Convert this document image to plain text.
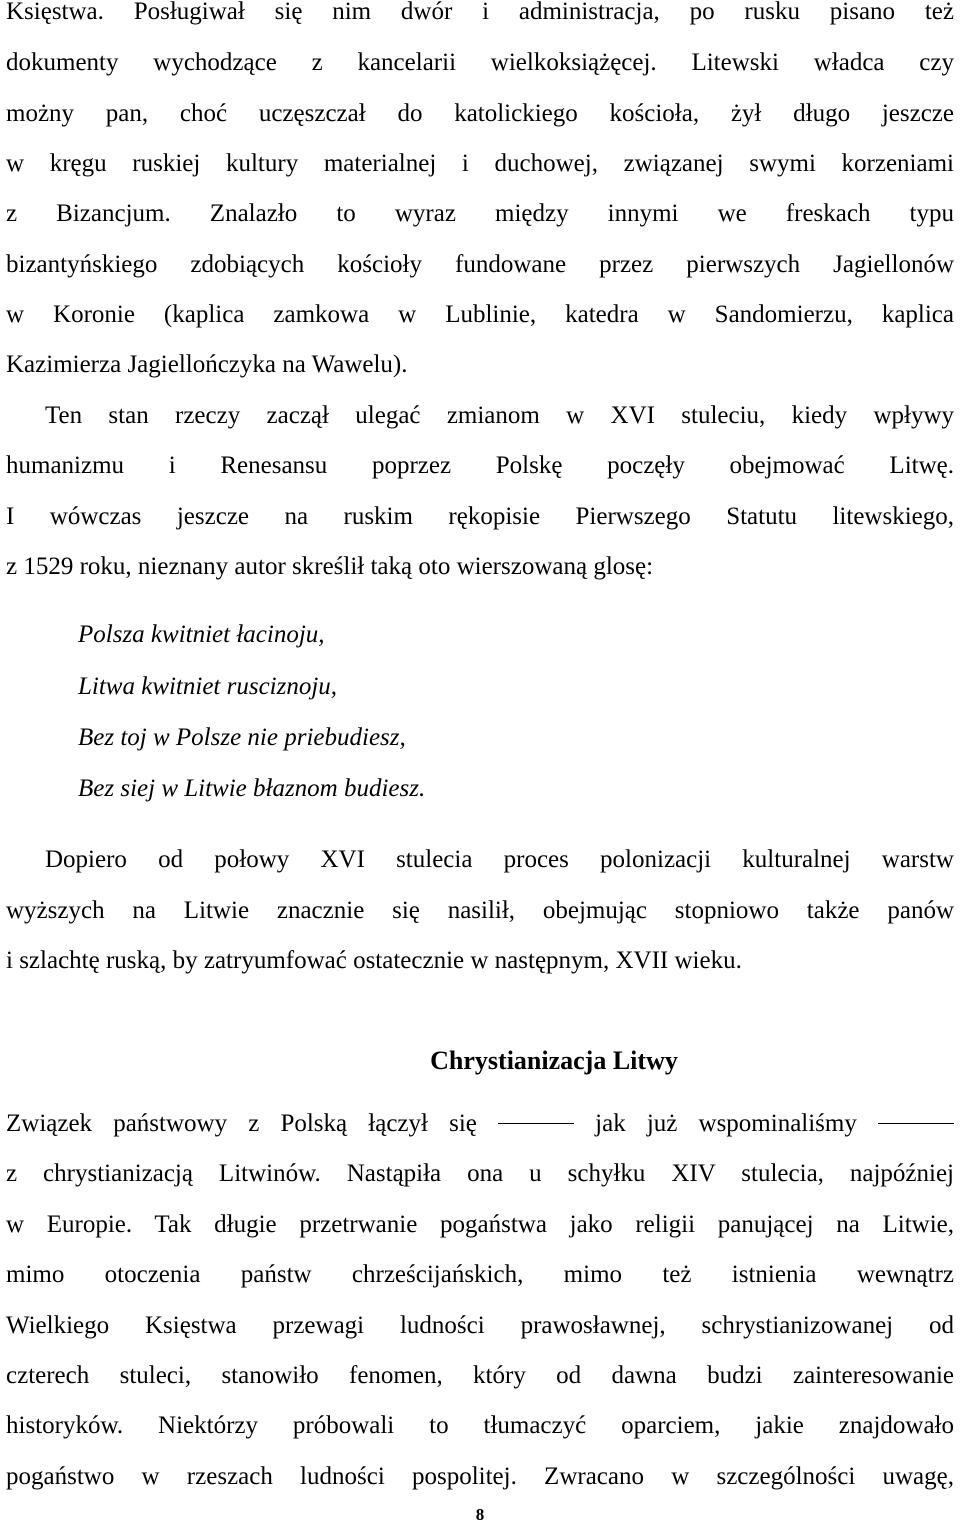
Księstwa. Posługiwał się nim dwór i administracja, po rusku pisano też
dokumenty wychodzące z kancelarii wielkoksiążęcej. Litewski władca czy
możny pan, choć uczęszczał do katolickiego kościoła, żył długo jeszcze
w kręgu ruskiej kultury materialnej i duchowej, związanej swymi korzeniami
z Bizancjum. Znalazło to wyraz między innymi we freskach typu
bizantyńskiego zdobiących kościoły fundowane przez pierwszych Jagiellonów
w Koronie (kaplica zamkowa w Lublinie, katedra w Sandomierzu, kaplica
Kazimierza Jagiellończyka na Wawelu).
Ten stan rzeczy zaczął ulegać zmianom w XVI stuleciu, kiedy wpływy
humanizmu i Renesansu poprzez Polskę poczęły obejmować Litwę.
I wówczas jeszcze na ruskim rękopisie Pierwszego Statutu litewskiego,
z 1529 roku, nieznany autor skreślił taką oto wierszowaną glosę:
Polsza kwitniet łacinoju,
Litwa kwitniet rusciznoju,
Bez toj w Polsze nie priebudiesz,
Bez siej w Litwie błaznom budiesz.
Dopiero od połowy XVI stulecia proces polonizacji kulturalnej warstw
wyższych na Litwie znacznie się nasilił, obejmując stopniowo także panów
i szlachtę ruską, by zatryumfować ostatecznie w następnym, XVII wieku.
Chrystianizacja Litwy
Związek państwowy z Polską łączył się	jak już wspominaliśmy
z chrystianizacją Litwinów. Nastąpiła ona u schyłku XIV stulecia, najpóźniej
w Europie. Tak długie przetrwanie pogaństwa jako religii panującej na Litwie,
mimo otoczenia państw chrześcijańskich, mimo też istnienia wewnątrz
Wielkiego Księstwa przewagi ludności prawosławnej, schrystianizowanej od
czterech stuleci, stanowiło fenomen, który od dawna budzi zainteresowanie
historyków. Niektórzy próbowali to tłumaczyć oparciem, jakie znajdowało
pogaństwo w rzeszach ludności pospolitej. Zwracano w szczególności uwagę,
8
